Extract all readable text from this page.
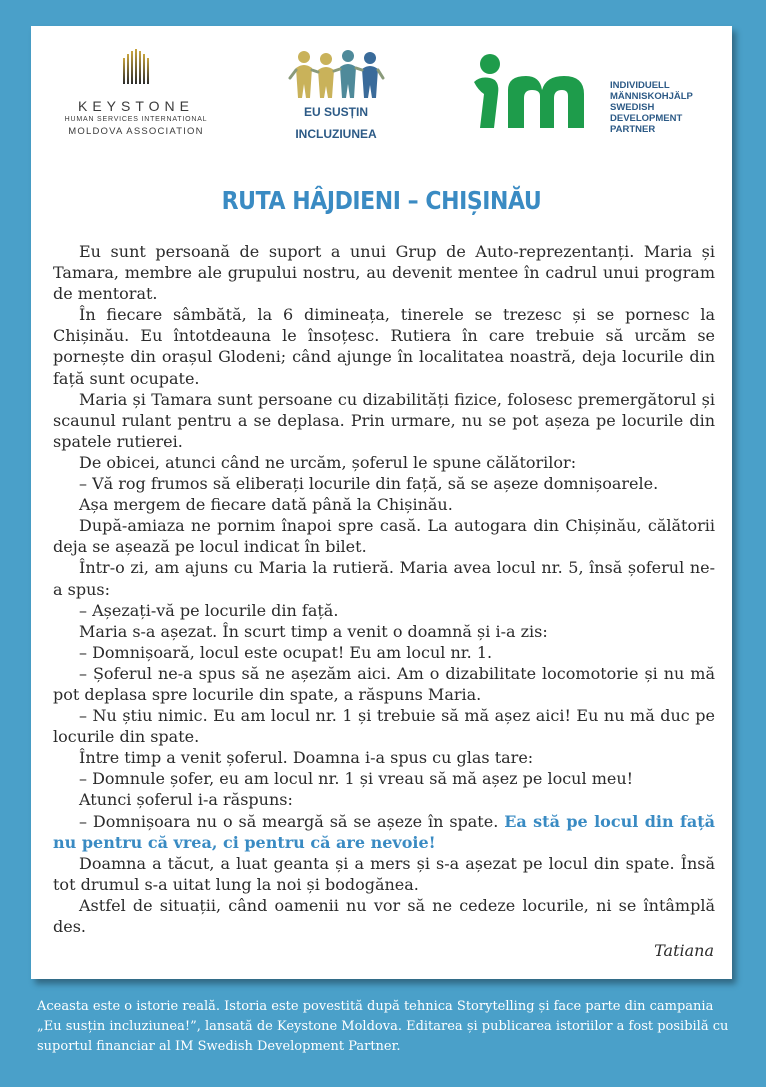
KEYSTONE
HUMAN SERVICES INTERNATIONAL
MOLDOVA ASSOCIATION
EU SUSȚIN
INCLUZIUNEA
INDIVIDUELL
MÄNNISKOHJÄLP
SWEDISH
DEVELOPMENT
PARTNER
RUTA HÂJDIENI – CHIȘINĂU

Eu sunt persoană de suport a unui Grup de Auto-reprezentanți. Maria și Tamara, membre ale grupului nostru, au devenit mentee în cadrul unui program de mentorat.

În fiecare sâmbătă, la 6 dimineața, tinerele se trezesc și se pornesc la Chișinău. Eu întotdeauna le însoțesc. Rutiera în care trebuie să urcăm se pornește din orașul Glodeni; când ajunge în localitatea noastră, deja locurile din față sunt ocupate.

Maria și Tamara sunt persoane cu dizabilități fizice, folosesc premergătorul și scaunul rulant pentru a se deplasa. Prin urmare, nu se pot așeza pe locurile din spatele rutierei.

De obicei, atunci când ne urcăm, șoferul le spune călătorilor:

– Vă rog frumos să eliberați locurile din față, să se așeze domnișoarele.

Așa mergem de fiecare dată până la Chișinău.

După-amiaza ne pornim înapoi spre casă. La autogara din Chișinău, călătorii deja se așează pe locul indicat în bilet.

Într-o zi, am ajuns cu Maria la rutieră. Maria avea locul nr. 5, însă șoferul ne-a spus:

– Așezați-vă pe locurile din față.

Maria s-a așezat. În scurt timp a venit o doamnă și i-a zis:

– Domnișoară, locul este ocupat! Eu am locul nr. 1.

– Șoferul ne-a spus să ne așezăm aici. Am o dizabilitate locomotorie și nu mă pot deplasa spre locurile din spate, a răspuns Maria.

– Nu știu nimic. Eu am locul nr. 1 și trebuie să mă așez aici! Eu nu mă duc pe locurile din spate.

Între timp a venit șoferul. Doamna i-a spus cu glas tare:

– Domnule șofer, eu am locul nr. 1 și vreau să mă așez pe locul meu!

Atunci șoferul i-a răspuns:

– Domnișoara nu o să meargă să se așeze în spate. Ea stă pe locul din față nu pentru că vrea, ci pentru că are nevoie!

Doamna a tăcut, a luat geanta și a mers și s-a așezat pe locul din spate. Însă tot drumul s-a uitat lung la noi și bodogănea.

Astfel de situații, când oamenii nu vor să ne cedeze locurile, ni se întâmplă des.

Tatiana
Aceasta este o istorie reală. Istoria este povestită după tehnica Storytelling și face parte din campania „Eu susțin incluziunea!”, lansată de Keystone Moldova. Editarea și publicarea istoriilor a fost posibilă cu suportul financiar al IM Swedish Development Partner.
